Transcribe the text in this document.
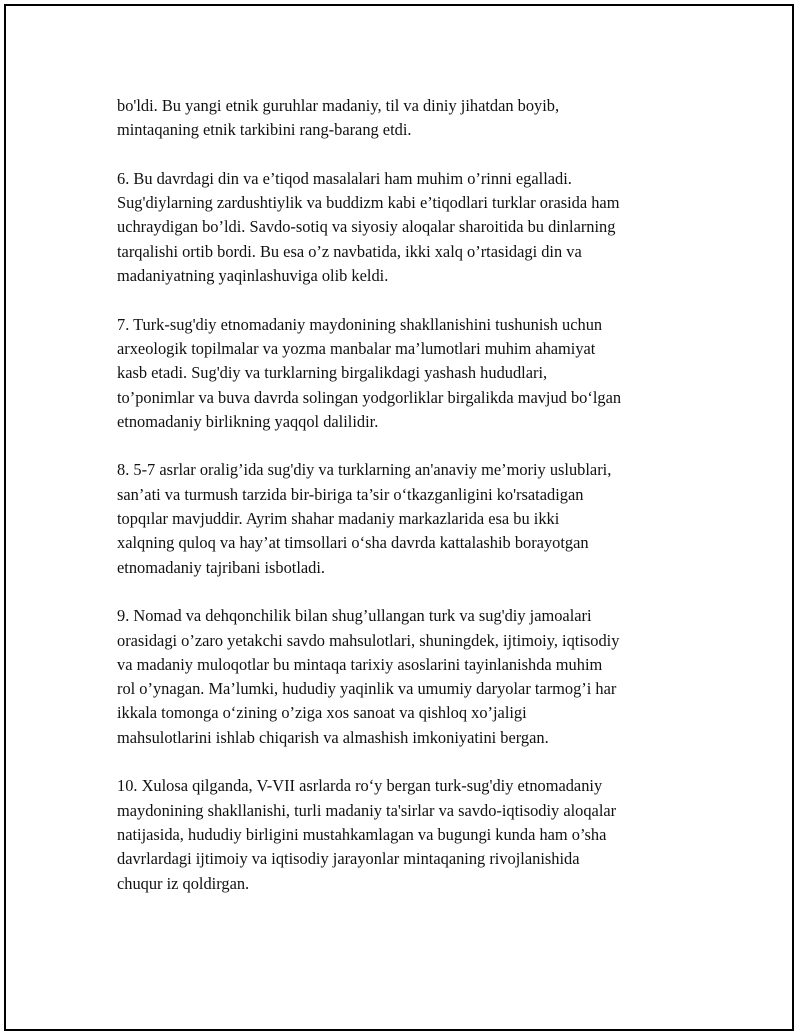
bo'ldi. Bu yangi etnik guruhlar madaniy, til va diniy jihatdan boyib,
mintaqaning etnik tarkibini rang-barang etdi.

6. Bu davrdagi din va e’tiqod masalalari ham muhim o’rinni egalladi.
Sug'diylarning zardushtiylik va buddizm kabi e’tiqodlari turklar orasida ham
uchraydigan bo’ldi. Savdo-sotiq va siyosiy aloqalar sharoitida bu dinlarning
tarqalishi ortib bordi. Bu esa o’z navbatida, ikki xalq o’rtasidagi din va
madaniyatning yaqinlashuviga olib keldi.

7. Turk-sug'diy etnomadaniy maydonining shakllanishini tushunish uchun
arxeologik topilmalar va yozma manbalar ma’lumotlari muhim ahamiyat
kasb etadi. Sug'diy va turklarning birgalikdagi yashash hududlari,
to’ponimlar va buva davrda solingan yodgorliklar birgalikda mavjud bo‘lgan
etnomadaniy birlikning yaqqol dalilidir.

8. 5-7 asrlar oralig’ida sug'diy va turklarning an'anaviy me’moriy uslublari,
san’ati va turmush tarzida bir-biriga ta’sir o‘tkazganligini ko'rsatadigan
topqılar mavjuddir. Ayrim shahar madaniy markazlarida esa bu ikki
xalqning quloq va hay’at timsollari o‘sha davrda kattalashib borayotgan
etnomadaniy tajribani isbotladi.

9. Nomad va dehqonchilik bilan shug’ullangan turk va sug'diy jamoalari
orasidagi o’zaro yetakchi savdo mahsulotlari, shuningdek, ijtimoiy, iqtisodiy
va madaniy muloqotlar bu mintaqa tarixiy asoslarini tayinlanishda muhim
rol o’ynagan. Ma’lumki, hududiy yaqinlik va umumiy daryolar tarmog’i har
ikkala tomonga o‘zining o’ziga xos sanoat va qishloq xo’jaligi
mahsulotlarini ishlab chiqarish va almashish imkoniyatini bergan.

10. Xulosa qilganda, V-VII asrlarda ro‘y bergan turk-sug'diy etnomadaniy
maydonining shakllanishi, turli madaniy ta'sirlar va savdo-iqtisodiy aloqalar
natijasida, hududiy birligini mustahkamlagan va bugungi kunda ham o’sha
davrlardagi ijtimoiy va iqtisodiy jarayonlar mintaqaning rivojlanishida
chuqur iz qoldirgan.
